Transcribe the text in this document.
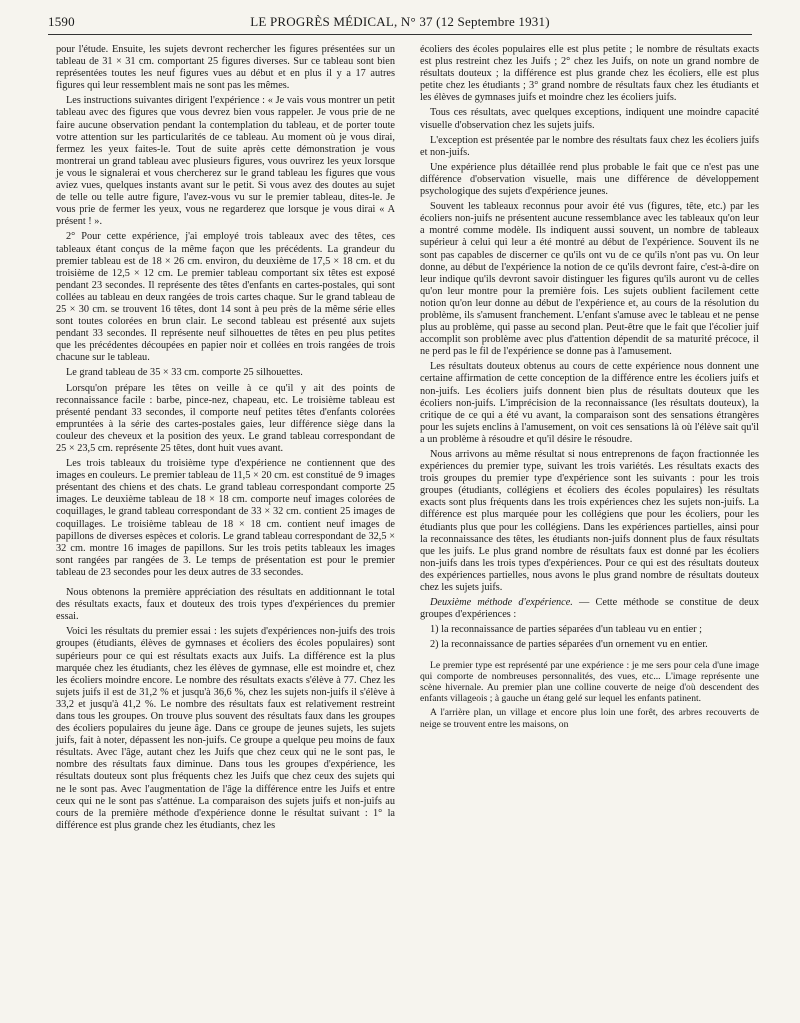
1590	LE PROGRÈS MÉDICAL, N° 37 (12 Septembre 1931)

pour l'étude. Ensuite, les sujets devront rechercher les figures présentées sur un tableau de 31 × 31 cm. comportant 25 figures diverses. Sur ce tableau sont bien représentées toutes les neuf figures vues au début et en plus il y a 17 autres figures qui leur ressemblent mais ne sont pas les mêmes.

Les instructions suivantes dirigent l'expérience : « Je vais vous montrer un petit tableau avec des figures que vous devrez bien vous rappeler. Je vous prie de ne faire aucune observation pendant la contemplation du tableau, et de porter toute votre attention sur les particularités de ce tableau. Au moment où je vous dirai, fermez les yeux faites-le. Tout de suite après cette démonstration je vous montrerai un grand tableau avec plusieurs figures, vous ouvrirez les yeux lorsque je vous le signalerai et vous chercherez sur le grand tableau les figures que vous aviez vues, quelques instants avant sur le petit. Si vous avez des doutes au sujet de telle ou telle autre figure, l'avez-vous vu sur le premier tableau, dites-le. Je vous prie de fermer les yeux, vous ne regarderez que lorsque je vous dirai « A présent ! ».

2° Pour cette expérience, j'ai employé trois tableaux avec des têtes, ces tableaux étant conçus de la même façon que les précédents. La grandeur du premier tableau est de 18 × 26 cm. environ, du deuxième de 17,5 × 18 cm. et du troisième de 12,5 × 12 cm. Le premier tableau comportant six têtes est exposé pendant 23 secondes. Il représente des têtes d'enfants en cartes-postales, qui sont collées au tableau en deux rangées de trois cartes chaque. Sur le grand tableau de 25 × 30 cm. se trouvent 16 têtes, dont 14 sont à peu près de la même série elles sont toutes colorées en brun clair. Le second tableau est présenté aux sujets pendant 33 secondes. Il représente neuf silhouettes de têtes en peu plus petites que les précédentes découpées en papier noir et collées en trois rangées de trois chacune sur le tableau.

Le grand tableau de 35 × 33 cm. comporte 25 silhouettes.

Lorsqu'on prépare les têtes on veille à ce qu'il y ait des points de reconnaissance facile : barbe, pince-nez, chapeau, etc. Le troisième tableau est présenté pendant 33 secondes, il comporte neuf petites têtes d'enfants colorées empruntées à la série des cartes-postales gaies, leur différence siège dans la couleur des cheveux et la position des yeux. Le grand tableau correspondant de 25 × 23,5 cm. représente 25 têtes, dont huit vues avant.

Les trois tableaux du troisième type d'expérience ne contiennent que des images en couleurs. Le premier tableau de 11,5 × 20 cm. est constitué de 9 images présentant des chiens et des chats. Le grand tableau correspondant comporte 25 images. Le deuxième tableau de 18 × 18 cm. comporte neuf images colorées de coquillages, le grand tableau correspondant de 33 × 32 cm. contient 25 images de coquillages. Le troisième tableau de 18 × 18 cm. contient neuf images de papillons de diverses espèces et coloris. Le grand tableau correspondant de 32,5 × 32 cm. montre 16 images de papillons. Sur les trois petits tableaux les images sont rangées par rangées de 3. Le temps de présentation est pour le premier tableau de 23 secondes pour les deux autres de 33 secondes.

Nous obtenons la première appréciation des résultats en additionnant le total des résultats exacts, faux et douteux des trois types d'expériences du premier essai.

Voici les résultats du premier essai : les sujets d'expériences non-juifs des trois groupes (étudiants, élèves de gymnases et écoliers des écoles populaires) sont supérieurs pour ce qui est résultats exacts aux Juifs. La différence est la plus marquée chez les étudiants, chez les élèves de gymnase, elle est moindre et, chez les écoliers moindre encore. Le nombre des résultats exacts s'élève à 77. Chez les sujets juifs il est de 31,2 % et jusqu'à 36,6 %, chez les sujets non-juifs il s'élève à 33,2 et jusqu'à 41,2 %. Le nombre des résultats faux est relativement restreint dans tous les groupes. On trouve plus souvent des résultats faux dans les groupes des écoliers populaires du jeune âge. Dans ce groupe de jeunes sujets, les sujets juifs, fait à noter, dépassent les non-juifs. Ce groupe a quelque peu moins de faux résultats. Avec l'âge, autant chez les Juifs que chez ceux qui ne le sont pas, le nombre des résultats faux diminue. Dans tous les groupes d'expérience, les résultats douteux sont plus fréquents chez les Juifs que chez ceux des sujets qui ne le sont pas. Avec l'augmentation de l'âge la différence entre les Juifs et entre ceux qui ne le sont pas s'atténue. La comparaison des sujets juifs et non-juifs au cours de la première méthode d'expérience donne le résultat suivant : 1° la différence est plus grande chez les étudiants, chez les

écoliers des écoles populaires elle est plus petite ; le nombre de résultats exacts est plus restreint chez les Juifs ; 2° chez les Juifs, on note un grand nombre de résultats douteux ; la différence est plus grande chez les écoliers, elle est plus petite chez les étudiants ; 3° grand nombre de résultats faux chez les étudiants et les élèves de gymnases juifs et moindre chez les écoliers juifs.

Tous ces résultats, avec quelques exceptions, indiquent une moindre capacité visuelle d'observation chez les sujets juifs.

L'exception est présentée par le nombre des résultats faux chez les écoliers juifs et non-juifs.

Une expérience plus détaillée rend plus probable le fait que ce n'est pas une différence d'observation visuelle, mais une différence de développement psychologique des sujets d'expérience jeunes.

Souvent les tableaux reconnus pour avoir été vus (figures, tête, etc.) par les écoliers non-juifs ne présentent aucune ressemblance avec les tableaux qu'on leur a montré comme modèle. Ils indiquent aussi souvent, un nombre de tableaux supérieur à celui qui leur a été montré au début de l'expérience. Souvent ils ne sont pas capables de discerner ce qu'ils ont vu de ce qu'ils n'ont pas vu. On leur donne, au début de l'expérience la notion de ce qu'ils devront faire, c'est-à-dire on leur indique qu'ils devront savoir distinguer les figures qu'ils auront vu de celles qu'on leur montre pour la première fois. Les sujets oublient facilement cette notion qu'on leur donne au début de l'expérience et, au cours de la résolution du problème, ils s'amusent franchement. L'enfant s'amuse avec le tableau et ne pense plus au problème, qui passe au second plan. Peut-être que le fait que l'écolier juif accomplit son problème avec plus d'attention dépendit de sa maturité précoce, il ne perd pas le fil de l'expérience se donne pas à l'amusement.

Les résultats douteux obtenus au cours de cette expérience nous donnent une certaine affirmation de cette conception de la différence entre les écoliers juifs et non-juifs. Les écoliers juifs donnent bien plus de résultats douteux que les écoliers non-juifs. L'imprécision de la reconnaissance (les résultats douteux), la critique de ce qui a été vu avant, la comparaison sont des sensations étrangères pour les sujets enclins à l'amusement, on voit ces sensations là où l'élève sait qu'il a un problème à résoudre et qu'il désire le résoudre.

Nous arrivons au même résultat si nous entreprenons de façon fractionnée les expériences du premier type, suivant les trois variétés. Les résultats exacts des trois groupes du premier type d'expérience sont les suivants : pour les trois groupes (étudiants, collégiens et écoliers des écoles populaires) les résultats exacts sont plus fréquents dans les trois expériences chez les sujets non-juifs. La différence est plus marquée pour les collégiens que pour les écoliers, pour les étudiants plus que pour les collégiens. Dans les expériences partielles, ainsi pour la reconnaissance des têtes, les étudiants non-juifs donnent plus de faux résultats que les juifs. Le plus grand nombre de résultats faux est donné par les écoliers non-juifs dans les trois types d'expériences. Pour ce qui est des résultats douteux des expériences partielles, nous avons le plus grand nombre de résultats douteux chez les sujets juifs.

Deuxième méthode d'expérience. — Cette méthode se constitue de deux groupes d'expériences :

1) la reconnaissance de parties séparées d'un tableau vu en entier ;

2) la reconnaissance de parties séparées d'un ornement vu en entier.

Le premier type est représenté par une expérience : je me sers pour cela d'une image qui comporte de nombreuses personnalités, des vues, etc... L'image représente une scène hivernale. Au premier plan une colline couverte de neige d'où descendent des enfants villageois ; à gauche un étang gelé sur lequel les enfants patinent.

A l'arrière plan, un village et encore plus loin une forêt, des arbres recouverts de neige se trouvent entre les maisons, on
